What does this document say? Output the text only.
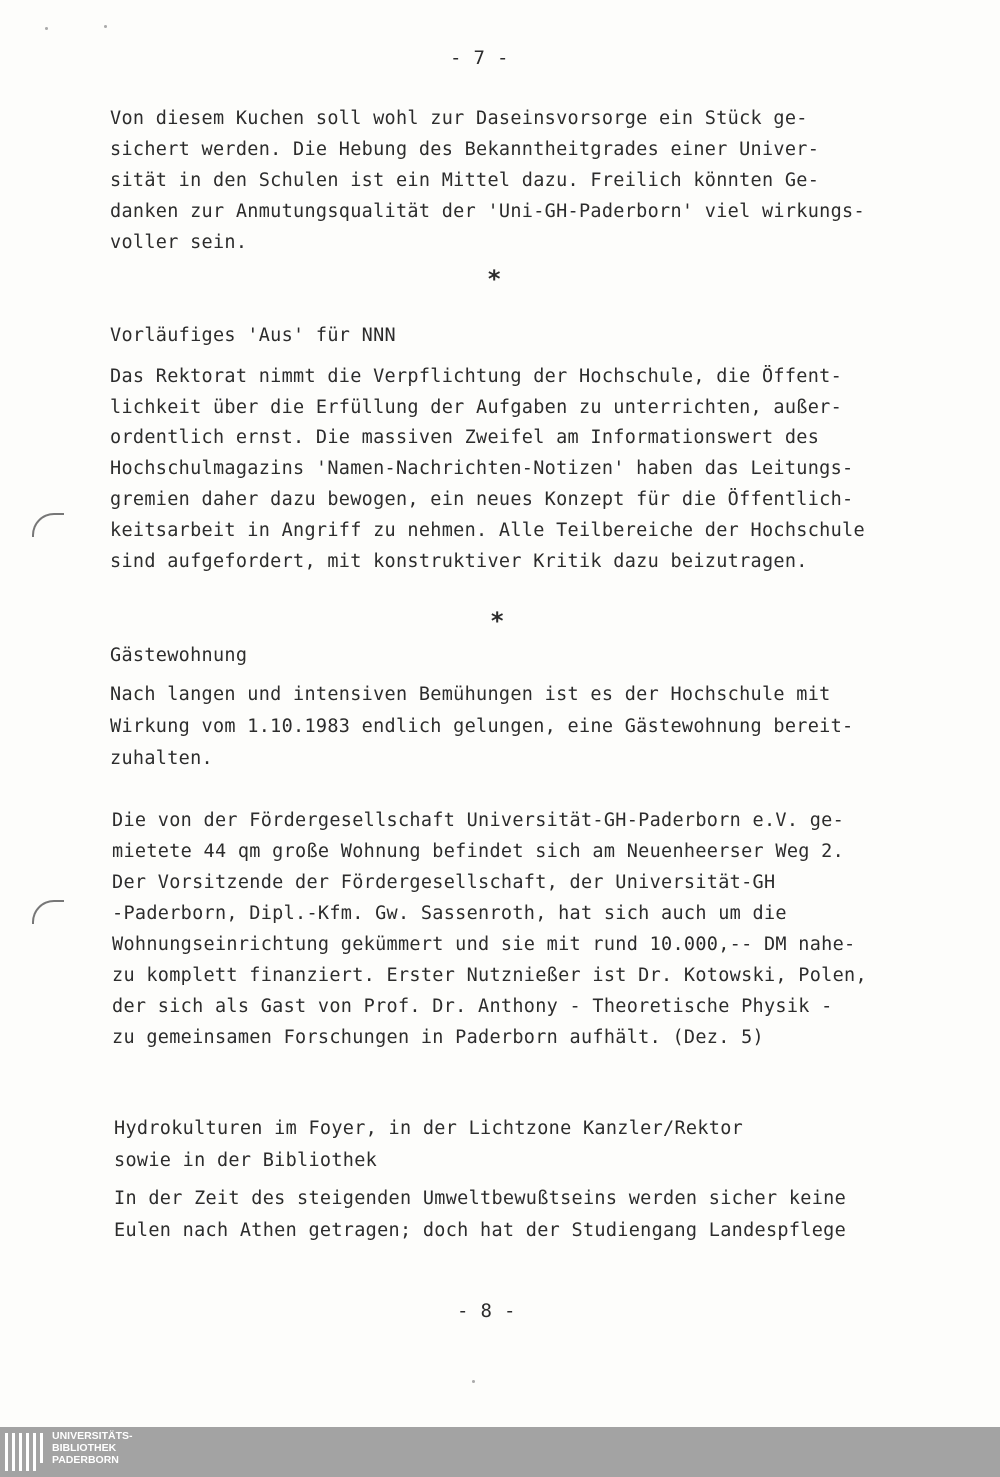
- 7 -
Von diesem Kuchen soll wohl zur Daseinsvorsorge ein Stück ge-
sichert werden. Die Hebung des Bekanntheitgrades einer Univer-
sität in den Schulen ist ein Mittel dazu. Freilich könnten Ge-
danken zur Anmutungsqualität der 'Uni-GH-Paderborn' viel wirkungs-
voller sein.
*
Vorläufiges 'Aus' für NNN
Das Rektorat nimmt die Verpflichtung der Hochschule, die Öffent-
lichkeit über die Erfüllung der Aufgaben zu unterrichten, außer-
ordentlich ernst. Die massiven Zweifel am Informationswert des
Hochschulmagazins 'Namen-Nachrichten-Notizen' haben das Leitungs-
gremien daher dazu bewogen, ein neues Konzept für die Öffentlich-
keitsarbeit in Angriff zu nehmen. Alle Teilbereiche der Hochschule
sind aufgefordert, mit konstruktiver Kritik dazu beizutragen.
*
Gästewohnung
Nach langen und intensiven Bemühungen ist es der Hochschule mit
Wirkung vom 1.10.1983 endlich gelungen, eine Gästewohnung bereit-
zuhalten.
Die von der Fördergesellschaft Universität-GH-Paderborn e.V. ge-
mietete 44 qm große Wohnung befindet sich am Neuenheerser Weg 2.
Der Vorsitzende der Fördergesellschaft, der Universität-GH
-Paderborn, Dipl.-Kfm. Gw. Sassenroth, hat sich auch um die
Wohnungseinrichtung gekümmert und sie mit rund 10.000,-- DM nahe-
zu komplett finanziert. Erster Nutznießer ist Dr. Kotowski, Polen,
der sich als Gast von Prof. Dr. Anthony - Theoretische Physik -
zu gemeinsamen Forschungen in Paderborn aufhält. (Dez. 5)
Hydrokulturen im Foyer, in der Lichtzone Kanzler/Rektor
sowie in der Bibliothek
In der Zeit des steigenden Umweltbewußtseins werden sicher keine
Eulen nach Athen getragen; doch hat der Studiengang Landespflege
- 8 -
UNIVERSITÄTS-
BIBLIOTHEK
PADERBORN
